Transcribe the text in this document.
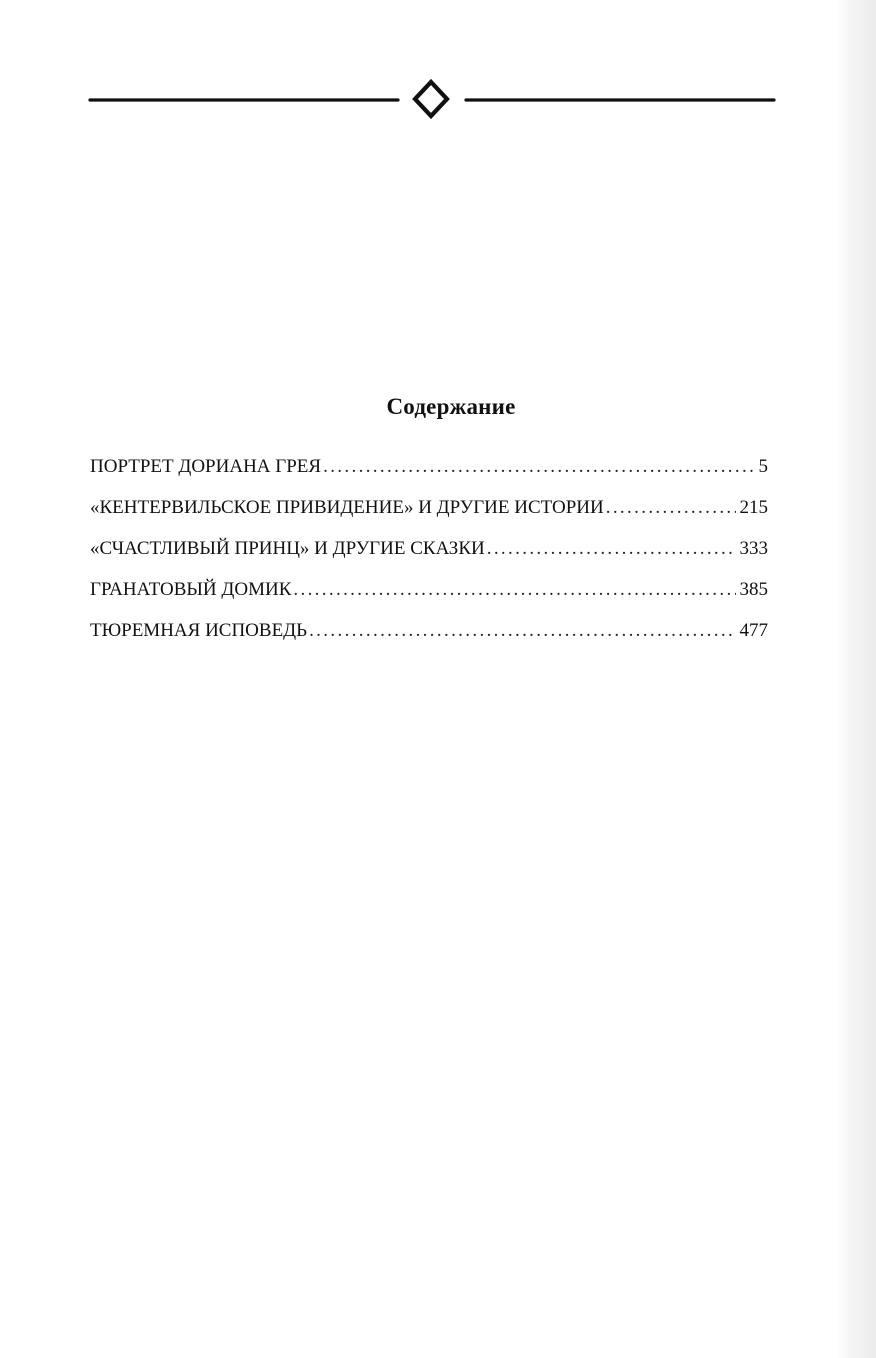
Содержание
ПОРТРЕТ ДОРИАНА ГРЕЯ . . .	5
«КЕНТЕРВИЛЬСКОЕ ПРИВИДЕНИЕ» И ДРУГИЕ ИСТОРИИ . . .	215
«СЧАСТЛИВЫЙ ПРИНЦ» И ДРУГИЕ СКАЗКИ . . .	333
ГРАНАТОВЫЙ ДОМИК . . .	385
ТЮРЕМНАЯ ИСПОВЕДЬ . . .	477
